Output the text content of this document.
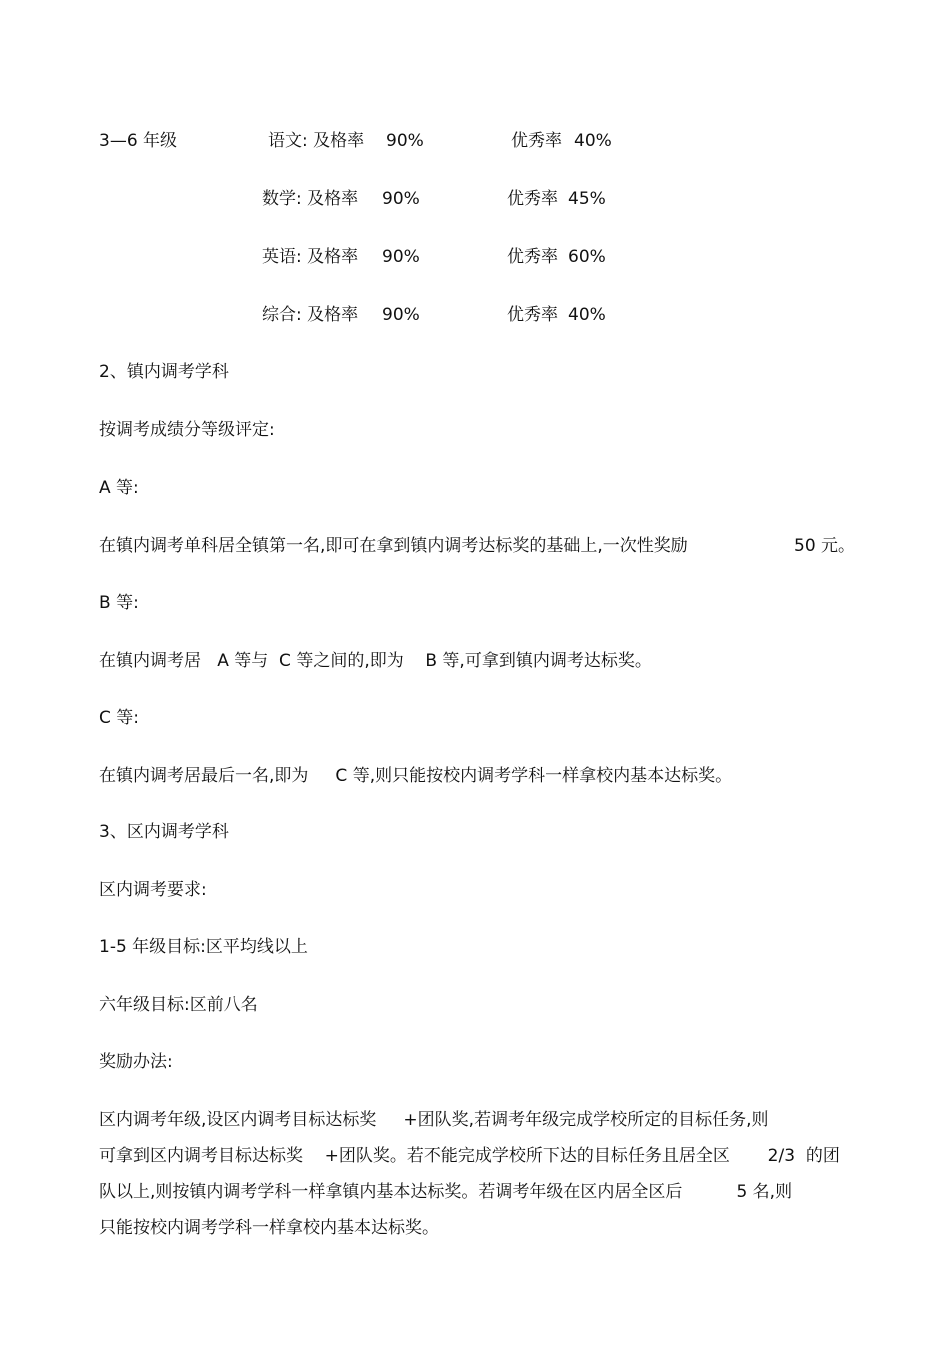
3—6 年级	语文: 及格率 90%	优秀率 40%
数学: 及格率 90%	优秀率 45%
英语: 及格率 90%	优秀率 60%
综合: 及格率 90%	优秀率 40%
2、镇内调考学科
按调考成绩分等级评定:
A 等:
在镇内调考单科居全镇第一名,即可在拿到镇内调考达标奖的基础上,一次性奖励	50 元。
B 等:
在镇内调考居   A 等与  C 等之间的,即为    B 等,可拿到镇内调考达标奖。
C 等:
在镇内调考居最后一名,即为     C 等,则只能按校内调考学科一样拿校内基本达标奖。
3、区内调考学科
区内调考要求:
1-5 年级目标:区平均线以上
六年级目标:区前八名
奖励办法:
区内调考年级,设区内调考目标达标奖     +团队奖,若调考年级完成学校所定的目标任务,则
可拿到区内调考目标达标奖    +团队奖。若不能完成学校所下达的目标任务且居全区       2/3  的团
队以上,则按镇内调考学科一样拿镇内基本达标奖。若调考年级在区内居全区后          5 名,则
只能按校内调考学科一样拿校内基本达标奖。
